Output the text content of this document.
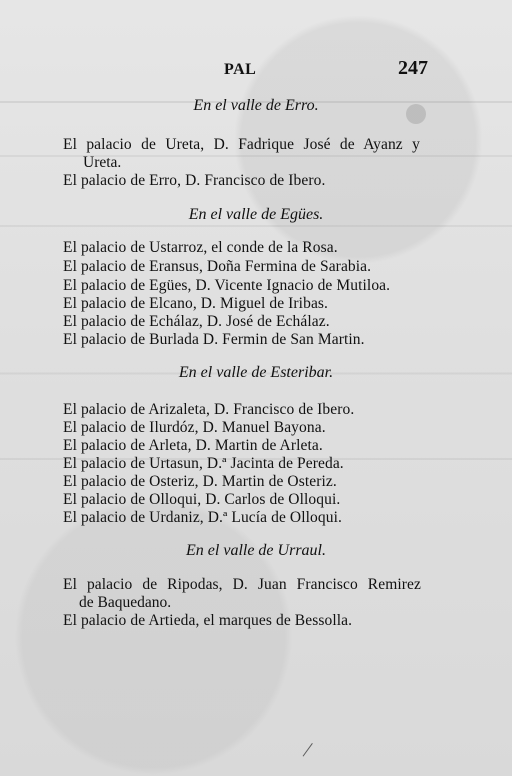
PAL	247
En el valle de Erro.
El palacio de Ureta, D. Fadrique José de Ayanz y
Ureta.
El palacio de Erro, D. Francisco de Ibero.
En el valle de Egües.
El palacio de Ustarroz, el conde de la Rosa.
El palacio de Eransus, Doña Fermina de Sarabia.
El palacio de Egües, D. Vicente Ignacio de Mutiloa.
El palacio de Elcano, D. Miguel de Iribas.
El palacio de Echálaz, D. José de Echálaz.
El palacio de Burlada D. Fermin de San Martin.
En el valle de Esteribar.
El palacio de Arizaleta, D. Francisco de Ibero.
El palacio de Ilurdóz, D. Manuel Bayona.
El palacio de Arleta, D. Martin de Arleta.
El palacio de Urtasun, D.ª Jacinta de Pereda.
El palacio de Osteriz, D. Martin de Osteriz.
El palacio de Olloqui, D. Carlos de Olloqui.
El palacio de Urdaniz, D.ª Lucía de Olloqui.
En el valle de Urraul.
El palacio de Ripodas, D. Juan Francisco Remirez
de Baquedano.
El palacio de Artieda, el marques de Bessolla.
